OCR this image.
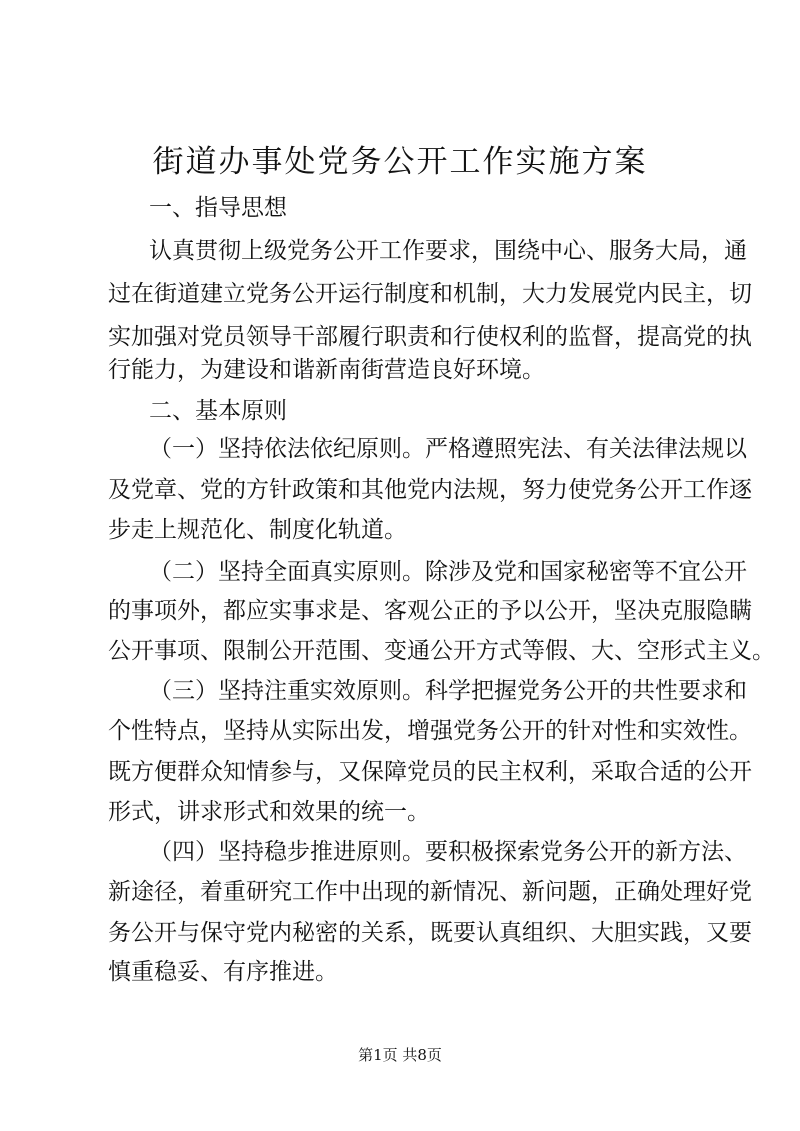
街道办事处党务公开工作实施方案
一、指导思想
认真贯彻上级党务公开工作要求，围绕中心、服务大局，通
过在街道建立党务公开运行制度和机制，大力发展党内民主，切
实加强对党员领导干部履行职责和行使权利的监督，提高党的执
行能力，为建设和谐新南街营造良好环境。
二、基本原则
（一）坚持依法依纪原则。严格遵照宪法、有关法律法规以
及党章、党的方针政策和其他党内法规，努力使党务公开工作逐
步走上规范化、制度化轨道。
（二）坚持全面真实原则。除涉及党和国家秘密等不宜公开
的事项外，都应实事求是、客观公正的予以公开，坚决克服隐瞒
公开事项、限制公开范围、变通公开方式等假、大、空形式主义。
（三）坚持注重实效原则。科学把握党务公开的共性要求和
个性特点，坚持从实际出发，增强党务公开的针对性和实效性。
既方便群众知情参与，又保障党员的民主权利，采取合适的公开
形式，讲求形式和效果的统一。
（四）坚持稳步推进原则。要积极探索党务公开的新方法、
新途径，着重研究工作中出现的新情况、新问题，正确处理好党
务公开与保守党内秘密的关系，既要认真组织、大胆实践，又要
慎重稳妥、有序推进。
第1页 共8页
